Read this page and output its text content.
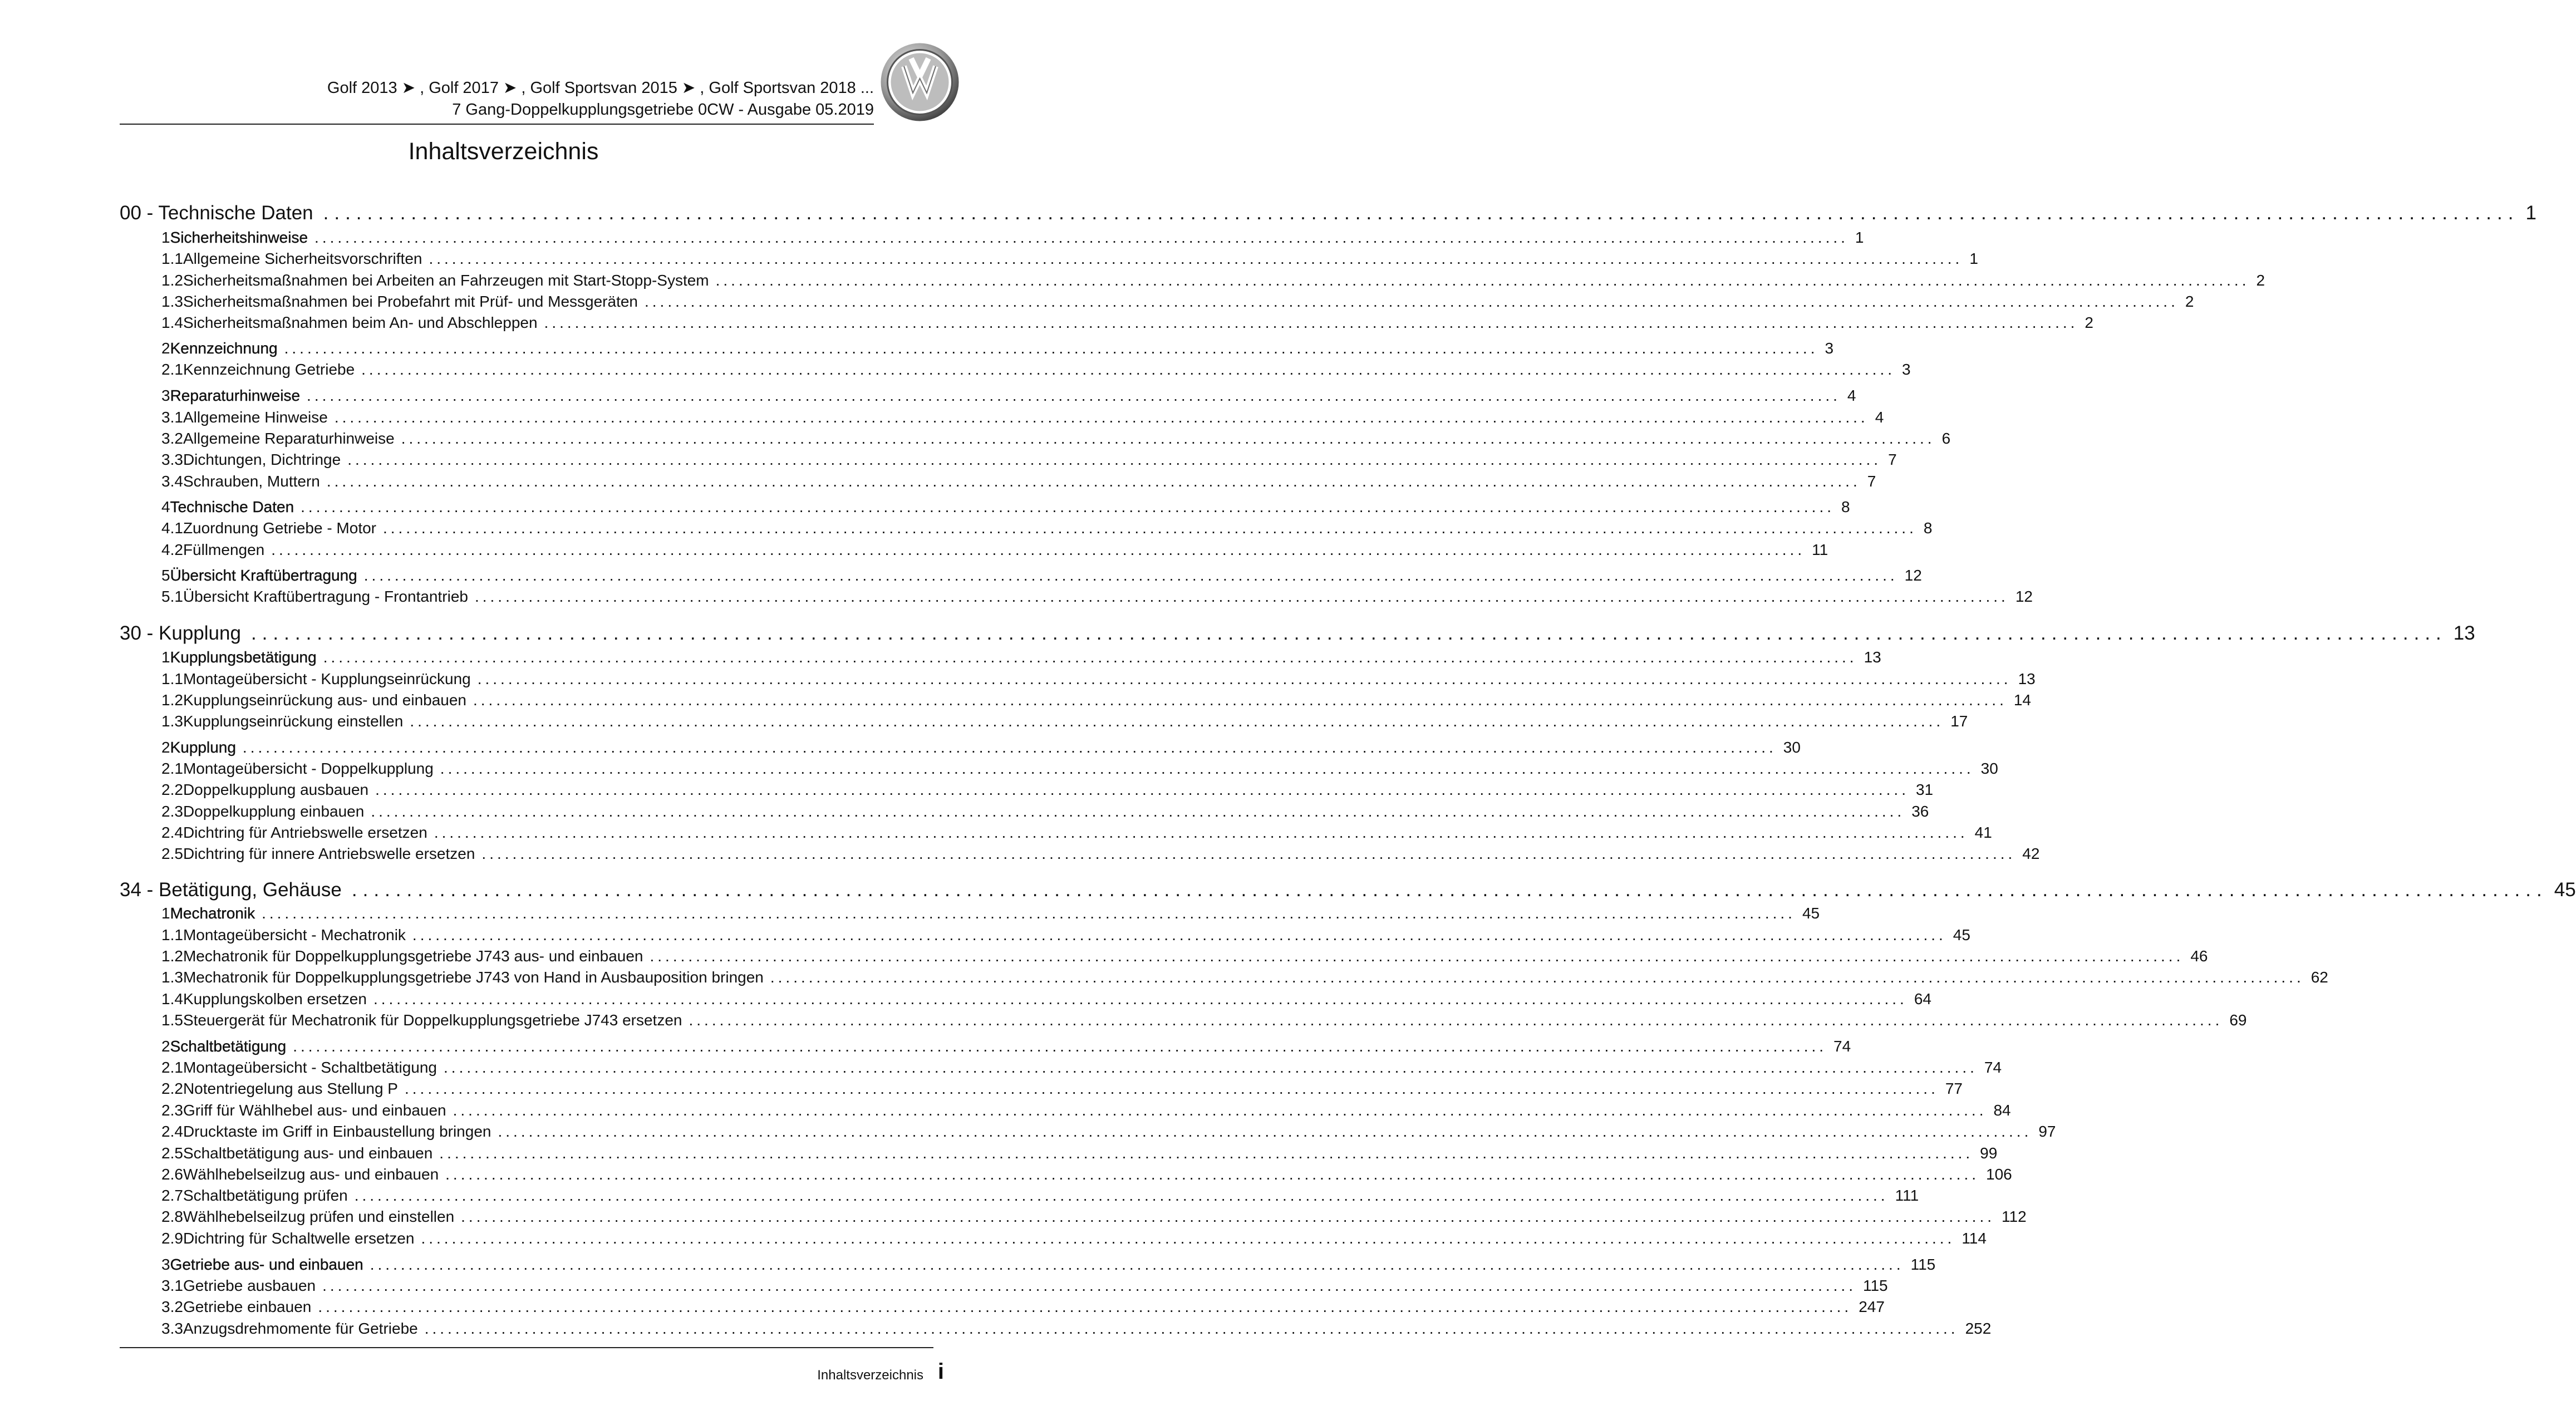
Golf 2013 ➤ , Golf 2017 ➤ , Golf Sportsvan 2015 ➤ , Golf Sportsvan 2018 ...
7 Gang-Doppelkupplungsgetriebe 0CW - Ausgabe 05.2019
Inhaltsverzeichnis
00 - Technische Daten ........................................................................................................................................................................................................ 1
1 Sicherheitshinweise ........................................................................................................................................................................................................ 1
1.1 Allgemeine Sicherheitsvorschriften ........................................................................................................................................................................................................ 1
1.2 Sicherheitsmaßnahmen bei Arbeiten an Fahrzeugen mit Start-Stopp-System ........................................................................................................................................................................................................ 2
1.3 Sicherheitsmaßnahmen bei Probefahrt mit Prüf- und Messgeräten ........................................................................................................................................................................................................ 2
1.4 Sicherheitsmaßnahmen beim An- und Abschleppen ........................................................................................................................................................................................................ 2
2 Kennzeichnung ........................................................................................................................................................................................................ 3
2.1 Kennzeichnung Getriebe ........................................................................................................................................................................................................ 3
3 Reparaturhinweise ........................................................................................................................................................................................................ 4
3.1 Allgemeine Hinweise ........................................................................................................................................................................................................ 4
3.2 Allgemeine Reparaturhinweise ........................................................................................................................................................................................................ 6
3.3 Dichtungen, Dichtringe ........................................................................................................................................................................................................ 7
3.4 Schrauben, Muttern ........................................................................................................................................................................................................ 7
4 Technische Daten ........................................................................................................................................................................................................ 8
4.1 Zuordnung Getriebe - Motor ........................................................................................................................................................................................................ 8
4.2 Füllmengen ........................................................................................................................................................................................................ 11
5 Übersicht Kraftübertragung ........................................................................................................................................................................................................ 12
5.1 Übersicht Kraftübertragung - Frontantrieb ........................................................................................................................................................................................................ 12
30 - Kupplung ........................................................................................................................................................................................................ 13
1 Kupplungsbetätigung ........................................................................................................................................................................................................ 13
1.1 Montageübersicht - Kupplungseinrückung ........................................................................................................................................................................................................ 13
1.2 Kupplungseinrückung aus- und einbauen ........................................................................................................................................................................................................ 14
1.3 Kupplungseinrückung einstellen ........................................................................................................................................................................................................ 17
2 Kupplung ........................................................................................................................................................................................................ 30
2.1 Montageübersicht - Doppelkupplung ........................................................................................................................................................................................................ 30
2.2 Doppelkupplung ausbauen ........................................................................................................................................................................................................ 31
2.3 Doppelkupplung einbauen ........................................................................................................................................................................................................ 36
2.4 Dichtring für Antriebswelle ersetzen ........................................................................................................................................................................................................ 41
2.5 Dichtring für innere Antriebswelle ersetzen ........................................................................................................................................................................................................ 42
34 - Betätigung, Gehäuse ........................................................................................................................................................................................................ 45
1 Mechatronik ........................................................................................................................................................................................................ 45
1.1 Montageübersicht - Mechatronik ........................................................................................................................................................................................................ 45
1.2 Mechatronik für Doppelkupplungsgetriebe J743 aus- und einbauen ........................................................................................................................................................................................................ 46
1.3 Mechatronik für Doppelkupplungsgetriebe J743 von Hand in Ausbauposition bringen ........................................................................................................................................................................................................ 62
1.4 Kupplungskolben ersetzen ........................................................................................................................................................................................................ 64
1.5 Steuergerät für Mechatronik für Doppelkupplungsgetriebe J743 ersetzen ........................................................................................................................................................................................................ 69
2 Schaltbetätigung ........................................................................................................................................................................................................ 74
2.1 Montageübersicht - Schaltbetätigung ........................................................................................................................................................................................................ 74
2.2 Notentriegelung aus Stellung P ........................................................................................................................................................................................................ 77
2.3 Griff für Wählhebel aus- und einbauen ........................................................................................................................................................................................................ 84
2.4 Drucktaste im Griff in Einbaustellung bringen ........................................................................................................................................................................................................ 97
2.5 Schaltbetätigung aus- und einbauen ........................................................................................................................................................................................................ 99
2.6 Wählhebelseilzug aus- und einbauen ........................................................................................................................................................................................................ 106
2.7 Schaltbetätigung prüfen ........................................................................................................................................................................................................ 111
2.8 Wählhebelseilzug prüfen und einstellen ........................................................................................................................................................................................................ 112
2.9 Dichtring für Schaltwelle ersetzen ........................................................................................................................................................................................................ 114
3 Getriebe aus- und einbauen ........................................................................................................................................................................................................ 115
3.1 Getriebe ausbauen ........................................................................................................................................................................................................ 115
3.2 Getriebe einbauen ........................................................................................................................................................................................................ 247
3.3 Anzugsdrehmomente für Getriebe ........................................................................................................................................................................................................ 252
Inhaltsverzeichnis i
